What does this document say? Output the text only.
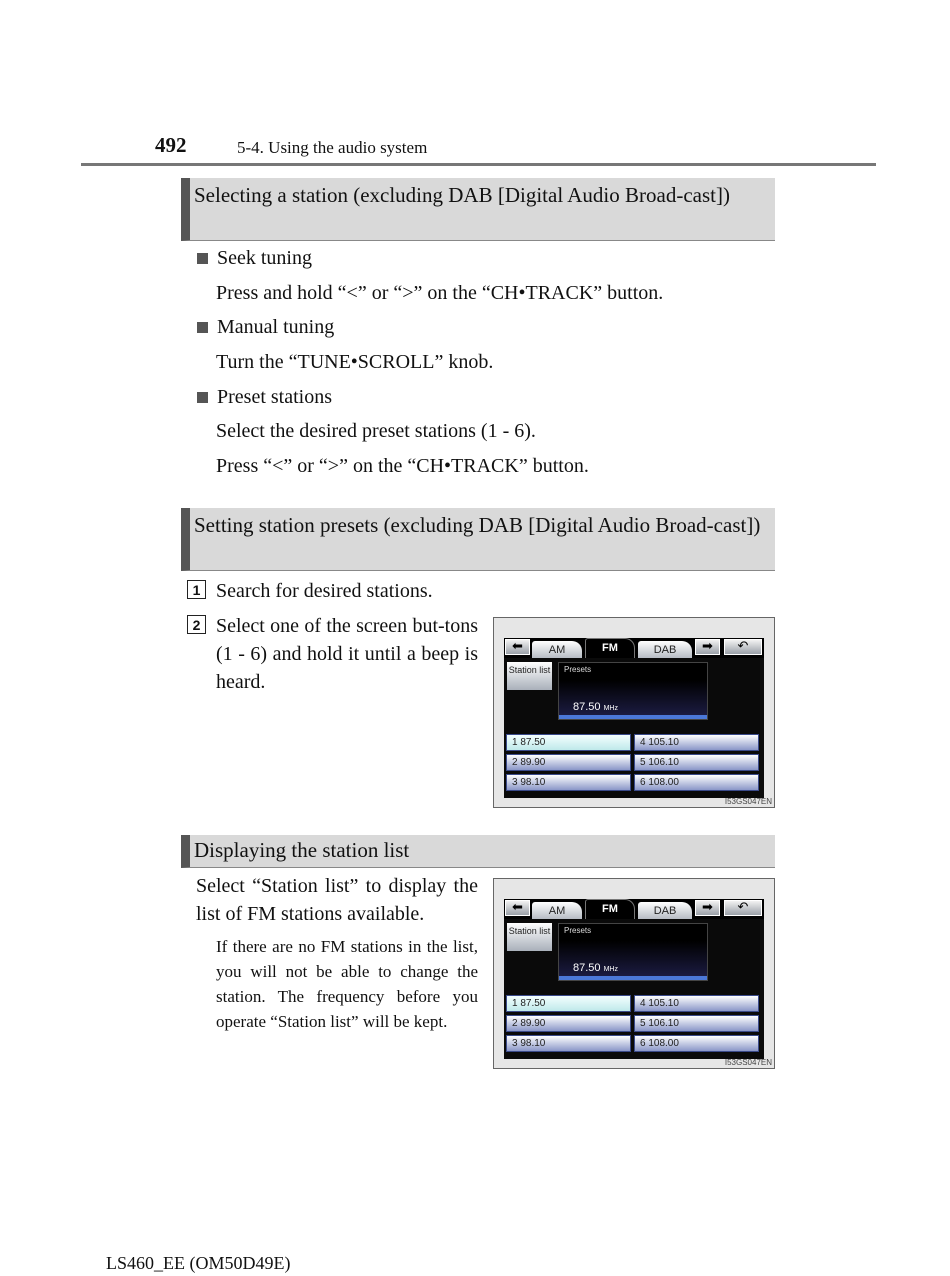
492	5-4. Using the audio system
Selecting a station (excluding DAB [Digital Audio Broad-cast])
Seek tuning
Press and hold “<” or “>” on the “CH•TRACK” button.
Manual tuning
Turn the “TUNE•SCROLL” knob.
Preset stations
Select the desired preset stations (1 - 6).
Press “<” or “>” on the “CH•TRACK” button.
Setting station presets (excluding DAB [Digital Audio Broad-cast])
1 Search for desired stations.
2 Select one of the screen but-tons (1 - 6) and hold it until a beep is heard.
⬅	AM	FM	DAB	➡	↶
Station list Presets
87.50 MHz
1 87.50
2 89.90
3 98.10
4 105.10
5 106.10
6 108.00
I53GS047EN
Displaying the station list
Select “Station list” to display the list of FM stations available.
If there are no FM stations in the list, you will not be able to change the station. The frequency before you operate “Station list” will be kept.
⬅	AM	FM	DAB	➡	↶
Station list Presets
87.50 MHz
1 87.50
2 89.90
3 98.10
4 105.10
5 106.10
6 108.00
I53GS047EN
LS460_EE (OM50D49E)
